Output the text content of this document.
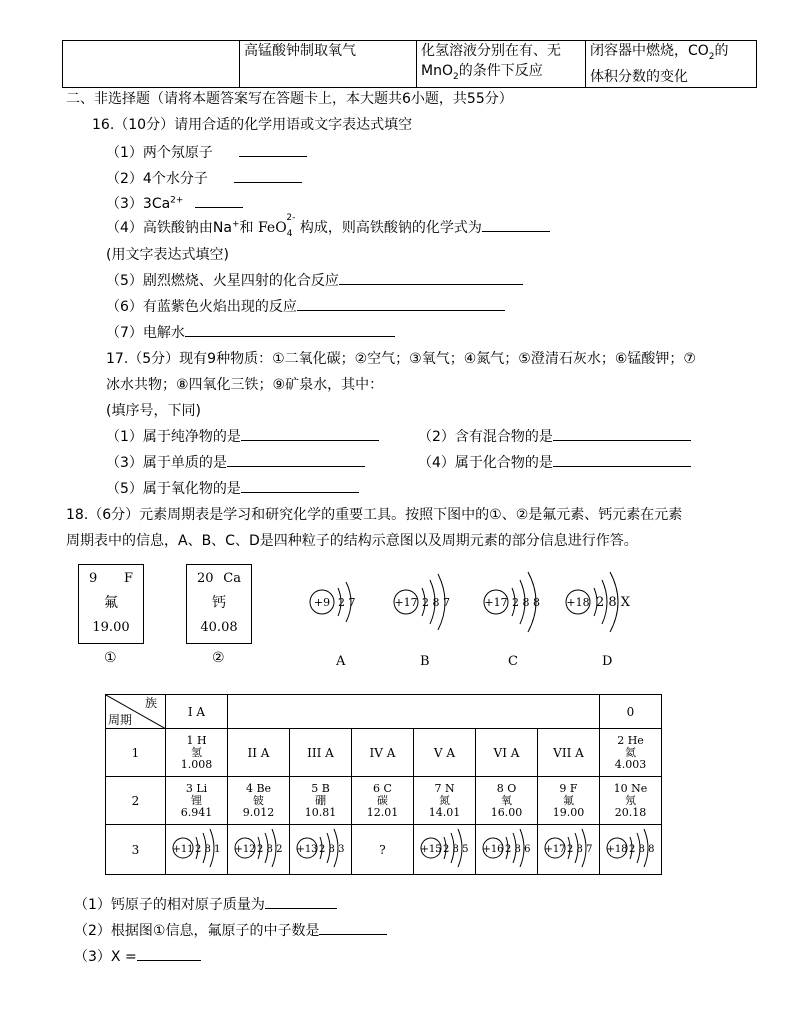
	高锰酸钟制取氧气	化氢溶液分别在有、无
MnO$_2$的条件下反应	闭容器中燃烧，$CO_2$的
体积分数的变化
二、非选择题（请将本题答案写在答题卡上，本大题共6小题，共55分）
16.（10分）请用合适的化学用语或文字表达式填空
（1）两个氖原子
（2）4个水分子
$(3)3Ca^{2+}$
（4）高铁酸钠由Na+和 FeO$_4^{2-}$ 构成，则高铁酸钠的化学式为
(用文字表达式填空)
（5）剧烈燃烧、火星四射的化合反应
（6）有蓝紫色火焰出现的反应
（7）电解水
17.（5分）现有9种物质：①二氧化碳；②空气；③氧气；④氮气；⑤澄清石灰水；⑥锰酸钾；⑦
冰水共物；⑧四氧化三铁；⑨矿泉水，其中：
(填序号，下同)
（1）属于纯净物的是	（2）含有混合物的是
（3）属于单质的是	（4）属于化合物的是
（5）属于氧化物的是
18.（6分）元素周期表是学习和研究化学的重要工具。按照下图中的①、②是氟元素、钙元素在元素
周期表中的信息，A、B、C、D是四种粒子的结构示意图以及周期元素的部分信息进行作答。
9 F
氟
19.00
①
20 Ca
钙
40.08
②
+9 2 7	+17 2 8 7	+17 2 8 8 +18 2 8 X
A	B	C	D
族
周期	I A							0
1	1 H
氢
1.008	II A	III A	IV A	V A	VI A	VII A	2 He
氦
4.003
2	3 Li
锂
6.941	4 Be
铍
9.012	5 B
硼
10.81	6 C
碳
12.01	7 N
氮
14.01	8 O
氧
16.00	9 F
氟
19.00	10 Ne
氖
20.18
3	+11 2 8 1	+12 2 8 2	+13 2 8 3	?	+15 2 8 5	+16 2 8 6	+17 2 8 7	+18 2 8 8
（1）钙原子的相对原子质量为
（2）根据图①信息，氟原子的中子数是
（3）X =
